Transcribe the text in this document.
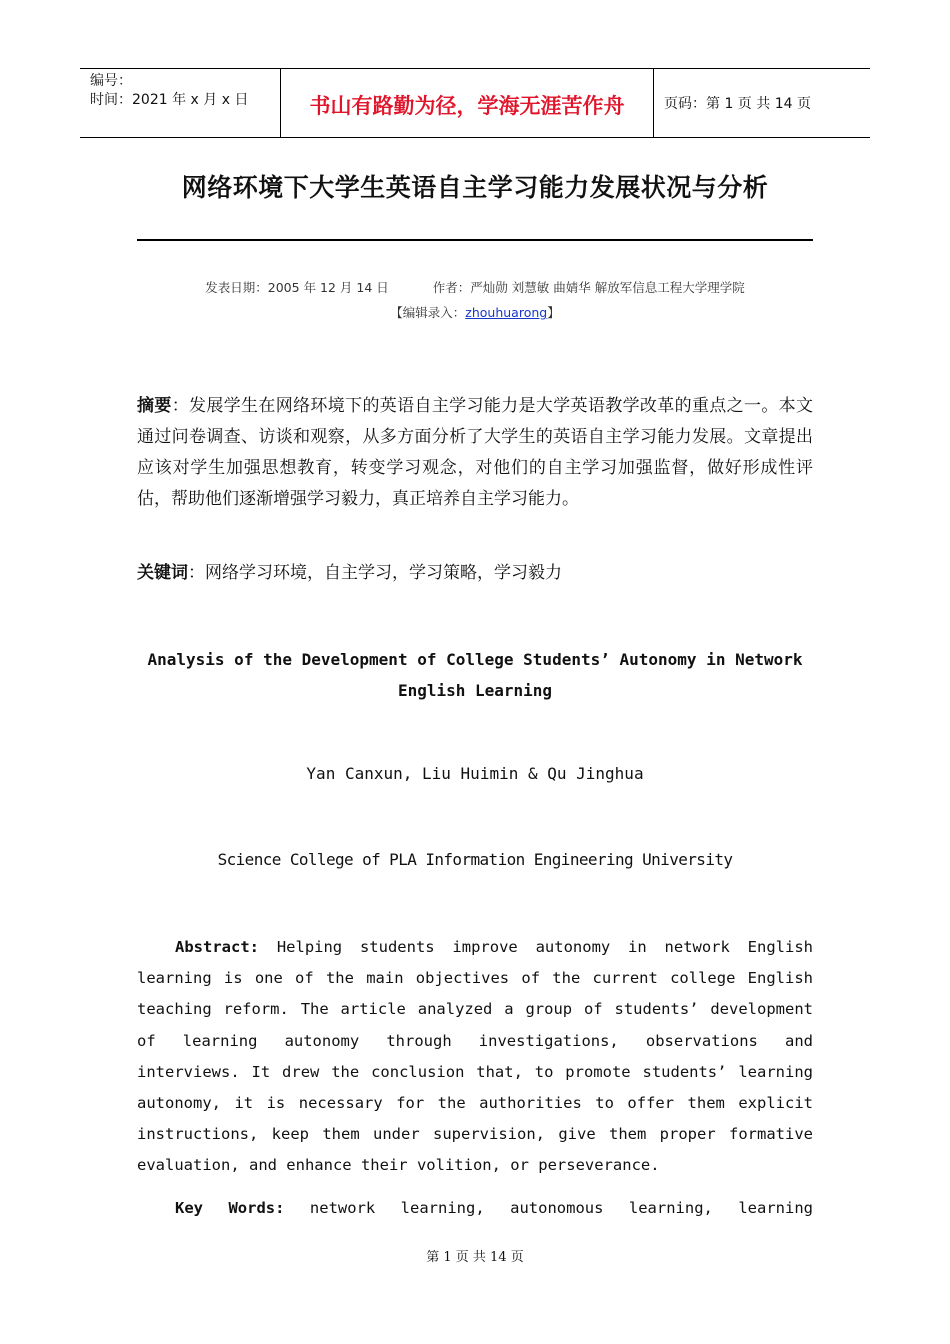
编号：
时间：2021 年 x 月 x 日	书山有路勤为径，学海无涯苦作舟	页码：第 1 页 共 14 页
网络环境下大学生英语自主学习能力发展状况与分析
发表日期：2005 年 12 月 14 日	作者：严灿勋 刘慧敏 曲婧华 解放军信息工程大学理学院
【编辑录入：zhouhuarong】
摘要：发展学生在网络环境下的英语自主学习能力是大学英语教学改革的重点之一。本文通过问卷调查、访谈和观察，从多方面分析了大学生的英语自主学习能力发展。文章提出应该对学生加强思想教育，转变学习观念，对他们的自主学习加强监督，做好形成性评估，帮助他们逐渐增强学习毅力，真正培养自主学习能力。
关键词：网络学习环境，自主学习，学习策略，学习毅力
Analysis of the Development of College Students’ Autonomy in Network English Learning
Yan Canxun, Liu Huimin & Qu Jinghua
Science College of PLA Information Engineering University
Abstract: Helping students improve autonomy in network English learning is one of the main objectives of the current college English teaching reform. The article analyzed a group of students’ development of learning autonomy through investigations, observations and interviews. It drew the conclusion that, to promote students’ learning autonomy, it is necessary for the authorities to offer them explicit instructions, keep them under supervision, give them proper formative evaluation, and enhance their volition, or perseverance.
Key Words: network learning, autonomous learning, learning
第 1 页 共 14 页
